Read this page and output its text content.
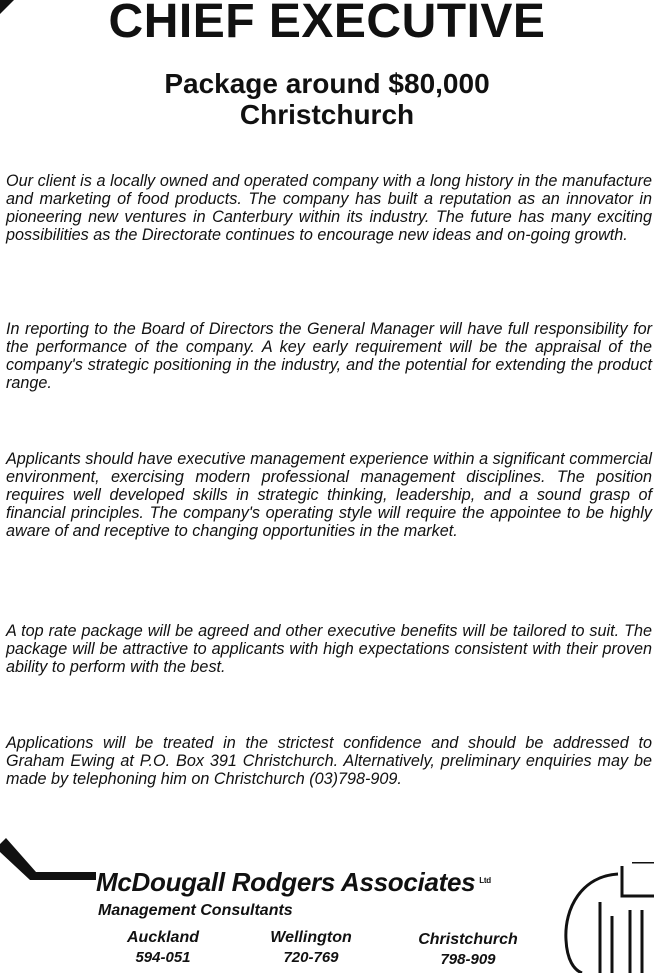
CHIEF EXECUTIVE
Package around $80,000
Christchurch
Our client is a locally owned and operated company with a long history in the manufacture and marketing of food products. The company has built a reputation as an innovator in pioneering new ventures in Canterbury within its industry. The future has many exciting possibilities as the Directorate continues to encourage new ideas and on-going growth.
In reporting to the Board of Directors the General Manager will have full responsibility for the performance of the company. A key early requirement will be the appraisal of the company's strategic positioning in the industry, and the potential for extending the product range.
Applicants should have executive management experience within a significant commercial environment, exercising modern professional management disciplines. The position requires well developed skills in strategic thinking, leadership, and a sound grasp of financial principles. The company's operating style will require the appointee to be highly aware of and receptive to changing opportunities in the market.
A top rate package will be agreed and other executive benefits will be tailored to suit. The package will be attractive to applicants with high expectations consistent with their proven ability to perform with the best.
Applications will be treated in the strictest confidence and should be addressed to Graham Ewing at P.O. Box 391 Christchurch. Alternatively, preliminary enquiries may be made by telephoning him on Christchurch (03)798-909.
McDougall Rodgers Associates $^{Ltd}$
Management Consultants
Auckland
594-051
Wellington
720-769
Christchurch
798-909
